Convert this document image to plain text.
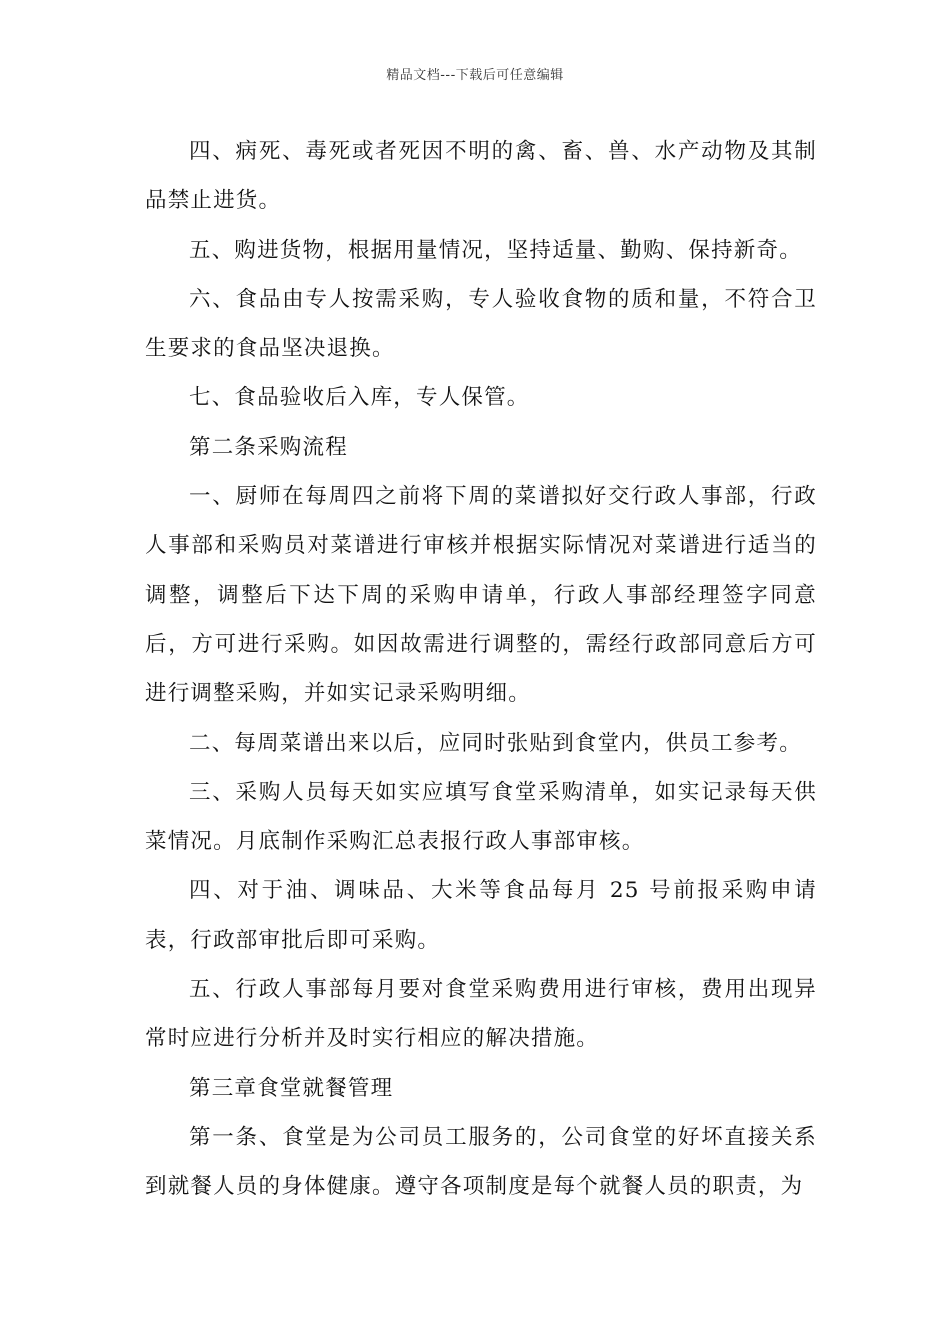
精品文档---下载后可任意编辑

四、病死、毒死或者死因不明的禽、畜、兽、水产动物及其制品禁止进货。

五、购进货物，根据用量情况，坚持适量、勤购、保持新奇。

六、食品由专人按需采购，专人验收食物的质和量，不符合卫生要求的食品坚决退换。

七、食品验收后入库，专人保管。

第二条采购流程

一、厨师在每周四之前将下周的菜谱拟好交行政人事部，行政人事部和采购员对菜谱进行审核并根据实际情况对菜谱进行适当的调整，调整后下达下周的采购申请单，行政人事部经理签字同意后，方可进行采购。如因故需进行调整的，需经行政部同意后方可进行调整采购，并如实记录采购明细。

二、每周菜谱出来以后，应同时张贴到食堂内，供员工参考。

三、采购人员每天如实应填写食堂采购清单，如实记录每天供菜情况。月底制作采购汇总表报行政人事部审核。

四、对于油、调味品、大米等食品每月 25 号前报采购申请表，行政部审批后即可采购。

五、行政人事部每月要对食堂采购费用进行审核，费用出现异常时应进行分析并及时实行相应的解决措施。

第三章食堂就餐管理

第一条、食堂是为公司员工服务的，公司食堂的好坏直接关系到就餐人员的身体健康。遵守各项制度是每个就餐人员的职责，为
